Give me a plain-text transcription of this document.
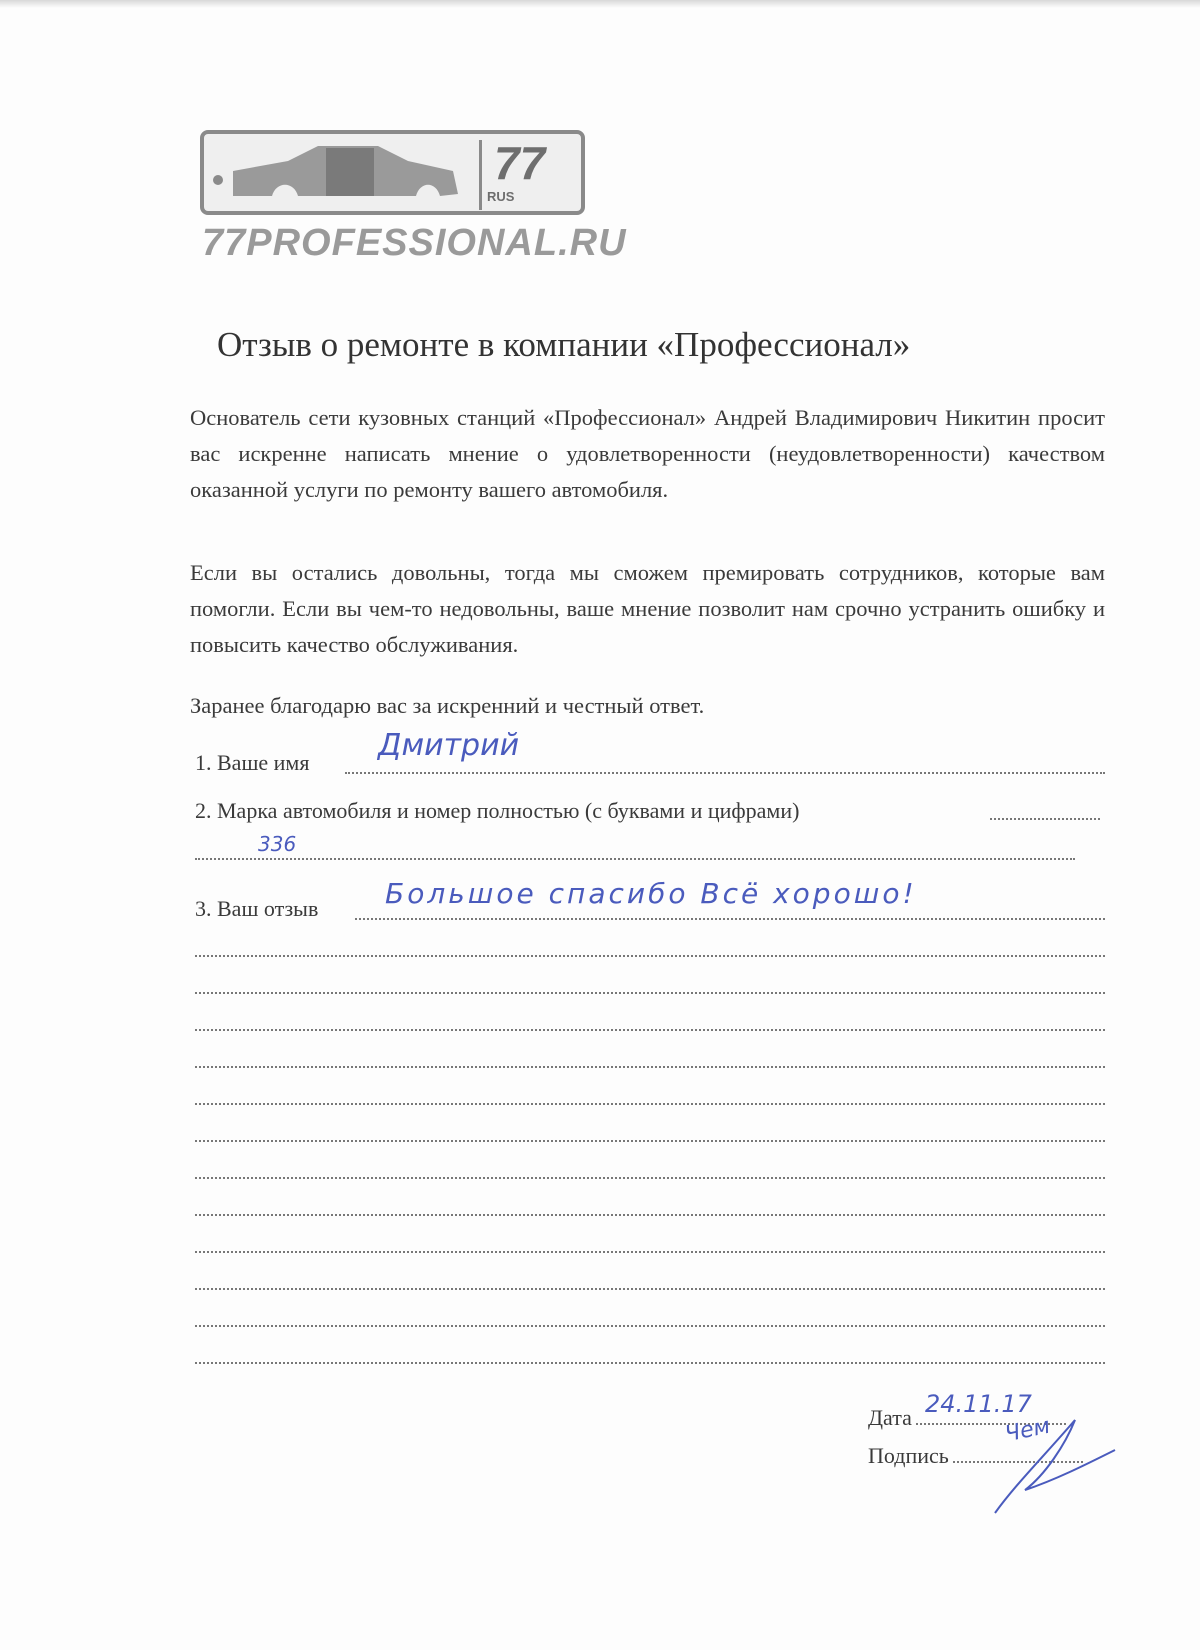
77
RUS
77PROFESSIONAL.RU
Отзыв о ремонте в компании «Профессионал»
Основатель сети кузовных станций «Профессионал» Андрей Владимирович Никитин просит вас искренне написать мнение о удовлетворенности (неудовлетворенности) качеством оказанной услуги по ремонту вашего автомобиля.
Если вы остались довольны, тогда мы сможем премировать сотрудников, которые вам помогли. Если вы чем-то недовольны, ваше мнение позволит нам срочно устранить ошибку и повысить качество обслуживания.
Заранее благодарю вас за искренний и честный ответ.
1. Ваше имя	Дмитрий
2. Марка автомобиля и номер полностью (с буквами и цифрами)
336
3. Ваш отзыв	Большое спасибо Всё хорошо!
Дата 24.11.17
Подпись
Чем
